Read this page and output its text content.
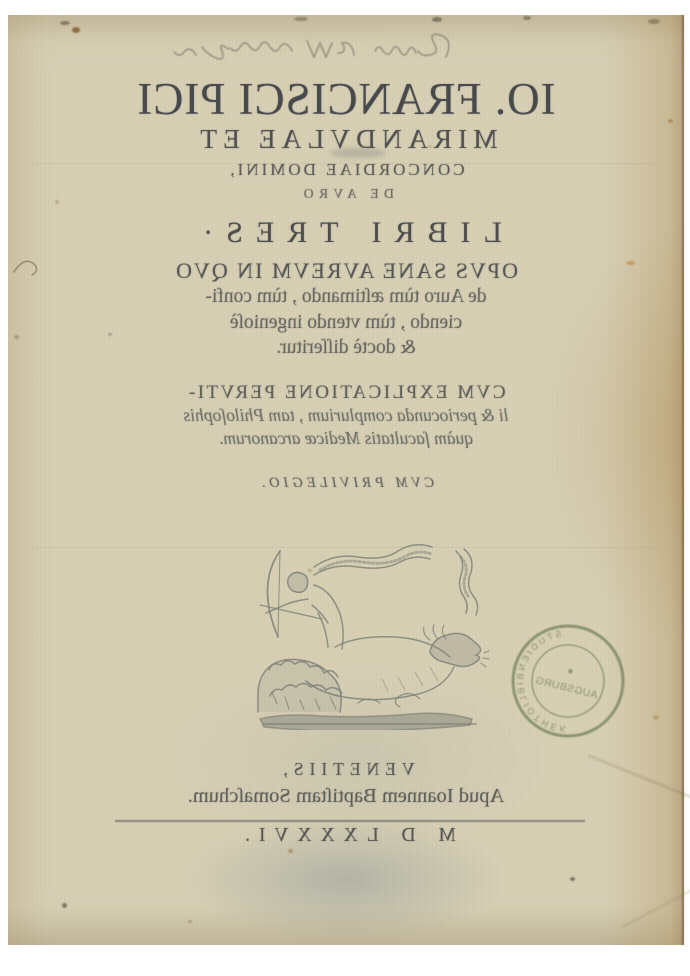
IO. FRANCISCI PICI
MIRANDVLAE ET
CONCORDIAE DOMINI,
DE AVRO
LIBRI TRES·
OPVS SANE AVREVM IN QVO
de Auro tùm æſtimando , tùm confi-
ciendo , tùm vtendo ingenioſè
& doctè diſſeritur.
CVM EXPLICATIONE PERVTI-
li & periocunda complurium , tam Philoſophis
quàm ſacultatis Medicæ arcanorum.
CVM PRIVILEGIO.
STUDIENBIBLIOTHEK
AUGSBURG
VENETIIS,
Apud Ioannem Baptiſtam Somaſchum.
M D LXXXVI.
